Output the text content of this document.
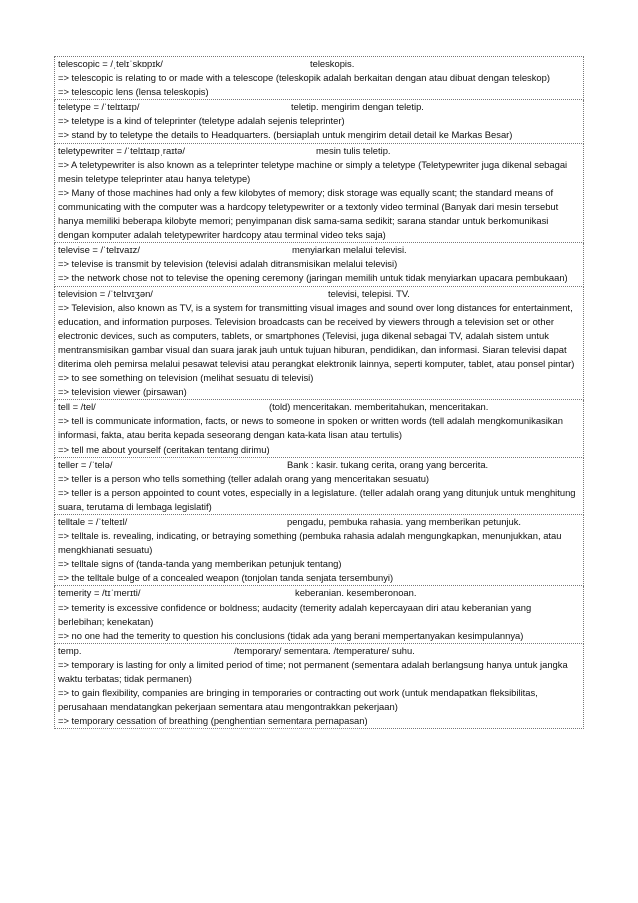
telescopic = /ˌtelɪˈskɒpɪk/	teleskopis.
=> telescopic is relating to or made with a telescope (teleskopik adalah berkaitan dengan atau dibuat dengan teleskop)
=> telescopic lens (lensa teleskopis)
teletype = /ˈtelɪtaɪp/	teletip. mengirim dengan teletip.
=> teletype is a kind of teleprinter (teletype adalah sejenis teleprinter)
=> stand by to teletype the details to Headquarters. (bersiaplah untuk mengirim detail detail ke Markas Besar)
teletypewriter = /ˈtelɪtaɪpˌraɪtə/	mesin tulis teletip.
=> A teletypewriter is also known as a teleprinter teletype machine or simply a teletype (Teletypewriter juga dikenal sebagai mesin teletype teleprinter atau hanya teletype)
=> Many of those machines had only a few kilobytes of memory; disk storage was equally scant; the standard means of communicating with the computer was a hardcopy teletypewriter or a textonly video terminal (Banyak dari mesin tersebut hanya memiliki beberapa kilobyte memori; penyimpanan disk sama-sama sedikit; sarana standar untuk berkomunikasi dengan komputer adalah teletypewriter hardcopy atau terminal video teks saja)
televise = /ˈtelɪvaɪz/	menyiarkan melalui televisi.
=> televise is transmit by television (televisi adalah ditransmisikan melalui televisi)
=> the network chose not to televise the opening ceremony (jaringan memilih untuk tidak menyiarkan upacara pembukaan)
television = /ˈtelɪvɪʒən/	televisi, telepisi. TV.
=> Television, also known as TV, is a system for transmitting visual images and sound over long distances for entertainment, education, and information purposes. Television broadcasts can be received by viewers through a television set or other electronic devices, such as computers, tablets, or smartphones (Televisi, juga dikenal sebagai TV, adalah sistem untuk mentransmisikan gambar visual dan suara jarak jauh untuk tujuan hiburan, pendidikan, dan informasi. Siaran televisi dapat diterima oleh pemirsa melalui pesawat televisi atau perangkat elektronik lainnya, seperti komputer, tablet, atau ponsel pintar)
=> to see something on television (melihat sesuatu di televisi)
=> television viewer (pirsawan)
tell = /tel/	(told) menceritakan. memberitahukan, menceritakan.
=> tell is communicate information, facts, or news to someone in spoken or written words (tell adalah mengkomunikasikan informasi, fakta, atau berita kepada seseorang dengan kata-kata lisan atau tertulis)
=> tell me about yourself (ceritakan tentang dirimu)
teller = /ˈtelə/	Bank : kasir. tukang cerita, orang yang bercerita.
=> teller is a person who tells something (teller adalah orang yang menceritakan sesuatu)
=> teller is a person appointed to count votes, especially in a legislature. (teller adalah orang yang ditunjuk untuk menghitung suara, terutama di lembaga legislatif)
telltale = /ˈtelteɪl/	pengadu, pembuka rahasia. yang memberikan petunjuk.
=> telltale is. revealing, indicating, or betraying something (pembuka rahasia adalah mengungkapkan, menunjukkan, atau mengkhianati sesuatu)
=> telltale signs of (tanda-tanda yang memberikan petunjuk tentang)
=> the telltale bulge of a concealed weapon (tonjolan tanda senjata tersembunyi)
temerity = /tɪˈmerɪti/	keberanian. kesemberonoan.
=> temerity is excessive confidence or boldness; audacity (temerity adalah kepercayaan diri atau keberanian yang berlebihan; kenekatan)
=> no one had the temerity to question his conclusions (tidak ada yang berani mempertanyakan kesimpulannya)
temp.	/temporary/ sementara. /temperature/ suhu.
=> temporary is lasting for only a limited period of time; not permanent (sementara adalah berlangsung hanya untuk jangka waktu terbatas; tidak permanen)
=> to gain flexibility, companies are bringing in temporaries or contracting out work (untuk mendapatkan fleksibilitas, perusahaan mendatangkan pekerjaan sementara atau mengontrakkan pekerjaan)
=> temporary cessation of breathing (penghentian sementara pernapasan)
